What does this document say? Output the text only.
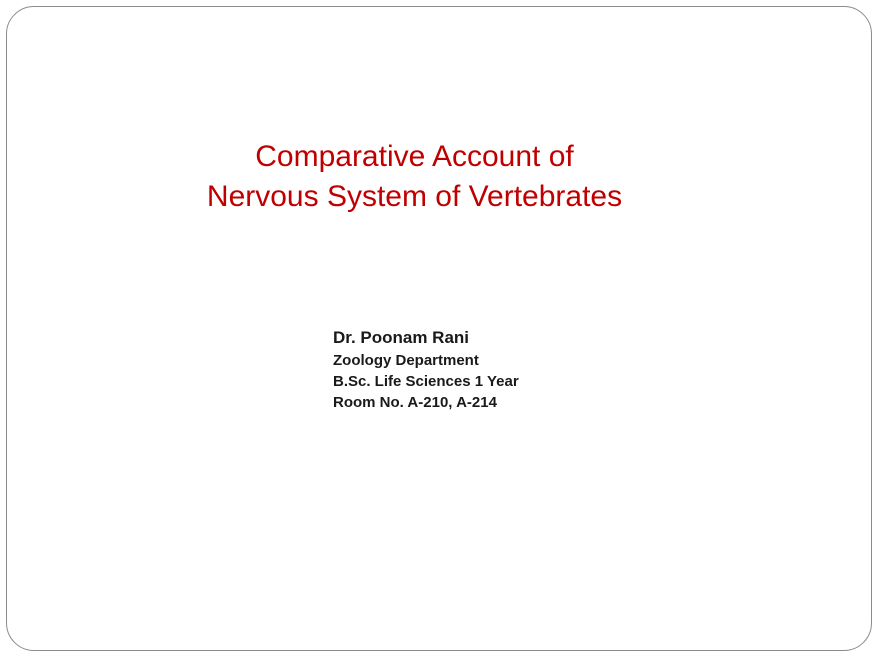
Comparative Account of
Nervous System of Vertebrates
Dr. Poonam Rani
Zoology Department
B.Sc. Life Sciences 1 Year
Room No. A-210, A-214
